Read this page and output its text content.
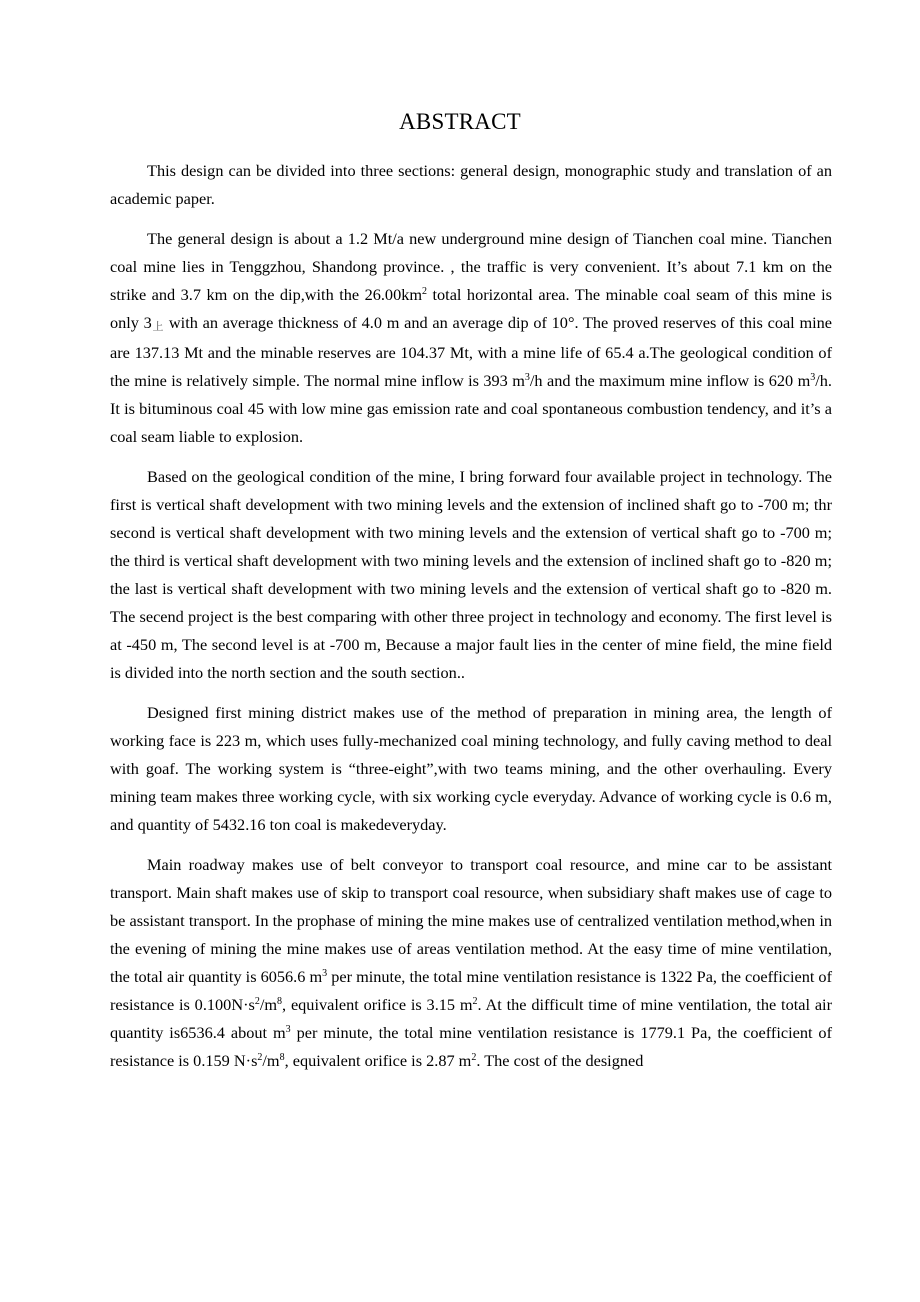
ABSTRACT

This design can be divided into three sections: general design, monographic study and translation of an academic paper.

The general design is about a 1.2 Mt/a new underground mine design of Tianchen coal mine. Tianchen coal mine lies in Tenggzhou, Shandong province. , the traffic is very convenient. It’s about 7.1 km on the strike and 3.7 km on the dip,with the $26.00km^2$ total horizontal area. The minable coal seam of this mine is only 3上 with an average thickness of 4.0 m and an average dip of 10°. The proved reserves of this coal mine are 137.13 Mt and the minable reserves are 104.37 Mt, with a mine life of 65.4 a.The geological condition of the mine is relatively simple. The normal mine inflow is 393 $m^3/h$ and the maximum mine inflow is 620 $m^3/h$. It is bituminous coal 45 with low mine gas emission rate and coal spontaneous combustion tendency, and it’s a coal seam liable to explosion.

Based on the geological condition of the mine, I bring forward four available project in technology. The first is vertical shaft development with two mining levels and the extension of inclined shaft go to -700 m; thr second is vertical shaft development with two mining levels and the extension of vertical shaft go to -700 m; the third is vertical shaft development with two mining levels and the extension of inclined shaft go to -820 m; the last is vertical shaft development with two mining levels and the extension of vertical shaft go to -820 m. The secend project is the best comparing with other three project in technology and economy. The first level is at -450 m, The second level is at -700 m, Because a major fault lies in the center of mine field, the mine field is divided into the north section and the south section..

Designed first mining district makes use of the method of preparation in mining area, the length of working face is 223 m, which uses fully-mechanized coal mining technology, and fully caving method to deal with goaf. The working system is “three-eight”,with two teams mining, and the other overhauling. Every mining team makes three working cycle, with six working cycle everyday. Advance of working cycle is 0.6 m, and quantity of 5432.16 ton coal is makedeveryday.

Main roadway makes use of belt conveyor to transport coal resource, and mine car to be assistant transport. Main shaft makes use of skip to transport coal resource, when subsidiary shaft makes use of cage to be assistant transport. In the prophase of mining the mine makes use of centralized ventilation method,when in the evening of mining the mine makes use of areas ventilation method. At the easy time of mine ventilation, the total air quantity is 6056.6 $m^3$ per minute, the total mine ventilation resistance is 1322 Pa, the coefficient of resistance is $0.100N\cdot s^2/m^8$, equivalent orifice is 3.15 $m^2$. At the difficult time of mine ventilation, the total air quantity is6536.4 about $m^3$ per minute, the total mine ventilation resistance is 1779.1 Pa, the coefficient of resistance is 0.159 $N\cdot s^2/m^8$, equivalent orifice is 2.87 $m^2$. The cost of the designed
